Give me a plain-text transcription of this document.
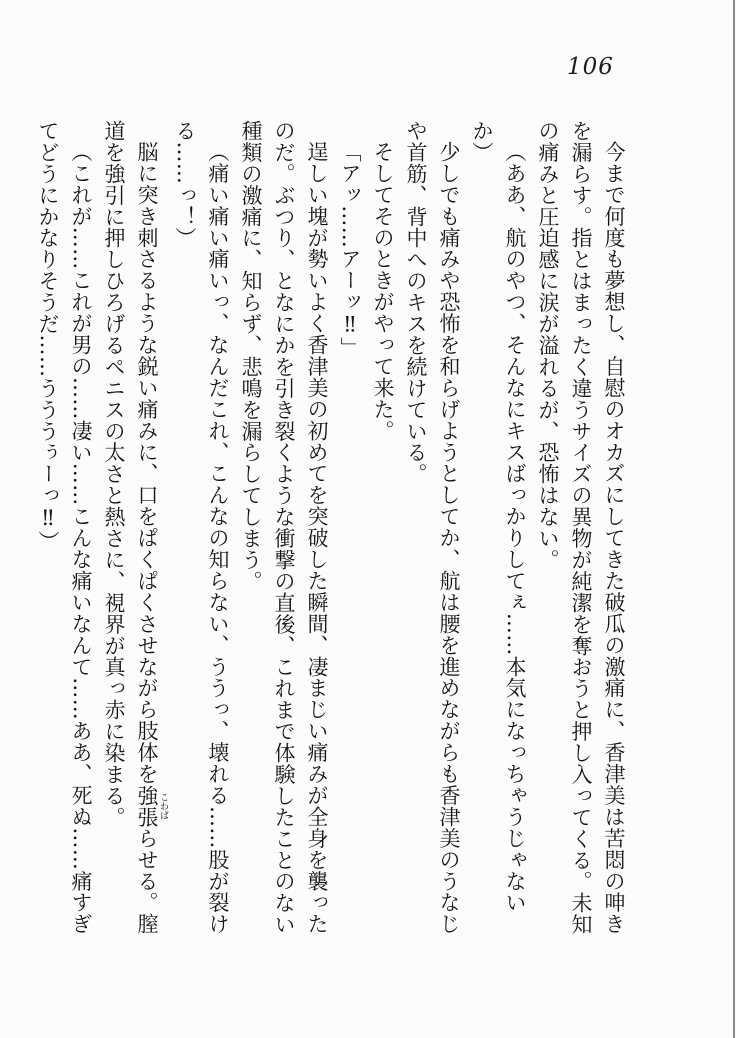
106

今まで何度も夢想し、自慰のオカズにしてきた破瓜の激痛に、香津美は苦悶の呻きを漏らす。指とはまったく違うサイズの異物が純潔を奪おうと押し入ってくる。未知の痛みと圧迫感に涙が溢れるが、恐怖はない。

（ああ、航のやつ、そんなにキスばっかりしてぇ……本気になっちゃうじゃないか）

少しでも痛みや恐怖を和らげようとしてか、航は腰を進めながらも香津美のうなじや首筋、背中へのキスを続けている。

そしてそのときがやって来た。

「アッ……アーッ‼」

逞しい塊が勢いよく香津美の初めてを突破した瞬間、凄まじい痛みが全身を襲ったのだ。ぶつり、となにかを引き裂くような衝撃の直後、これまで体験したことのない種類の激痛に、知らず、悲鳴を漏らしてしまう。

（痛い痛い痛いっ、なんだこれ、こんなの知らない、ううっ、壊れる……股が裂ける……っ！）

脳に突き刺さるような鋭い痛みに、口をぱくぱくさせながら肢体を強張 こわばらせる。膣道を強引に押しひろげるペニスの太さと熱さに、視界が真っ赤に染まる。

（これが……これが男の……凄い……こんな痛いなんて……ああ、死ぬ……痛すぎてどうにかなりそうだ……うううぅーっ‼）
